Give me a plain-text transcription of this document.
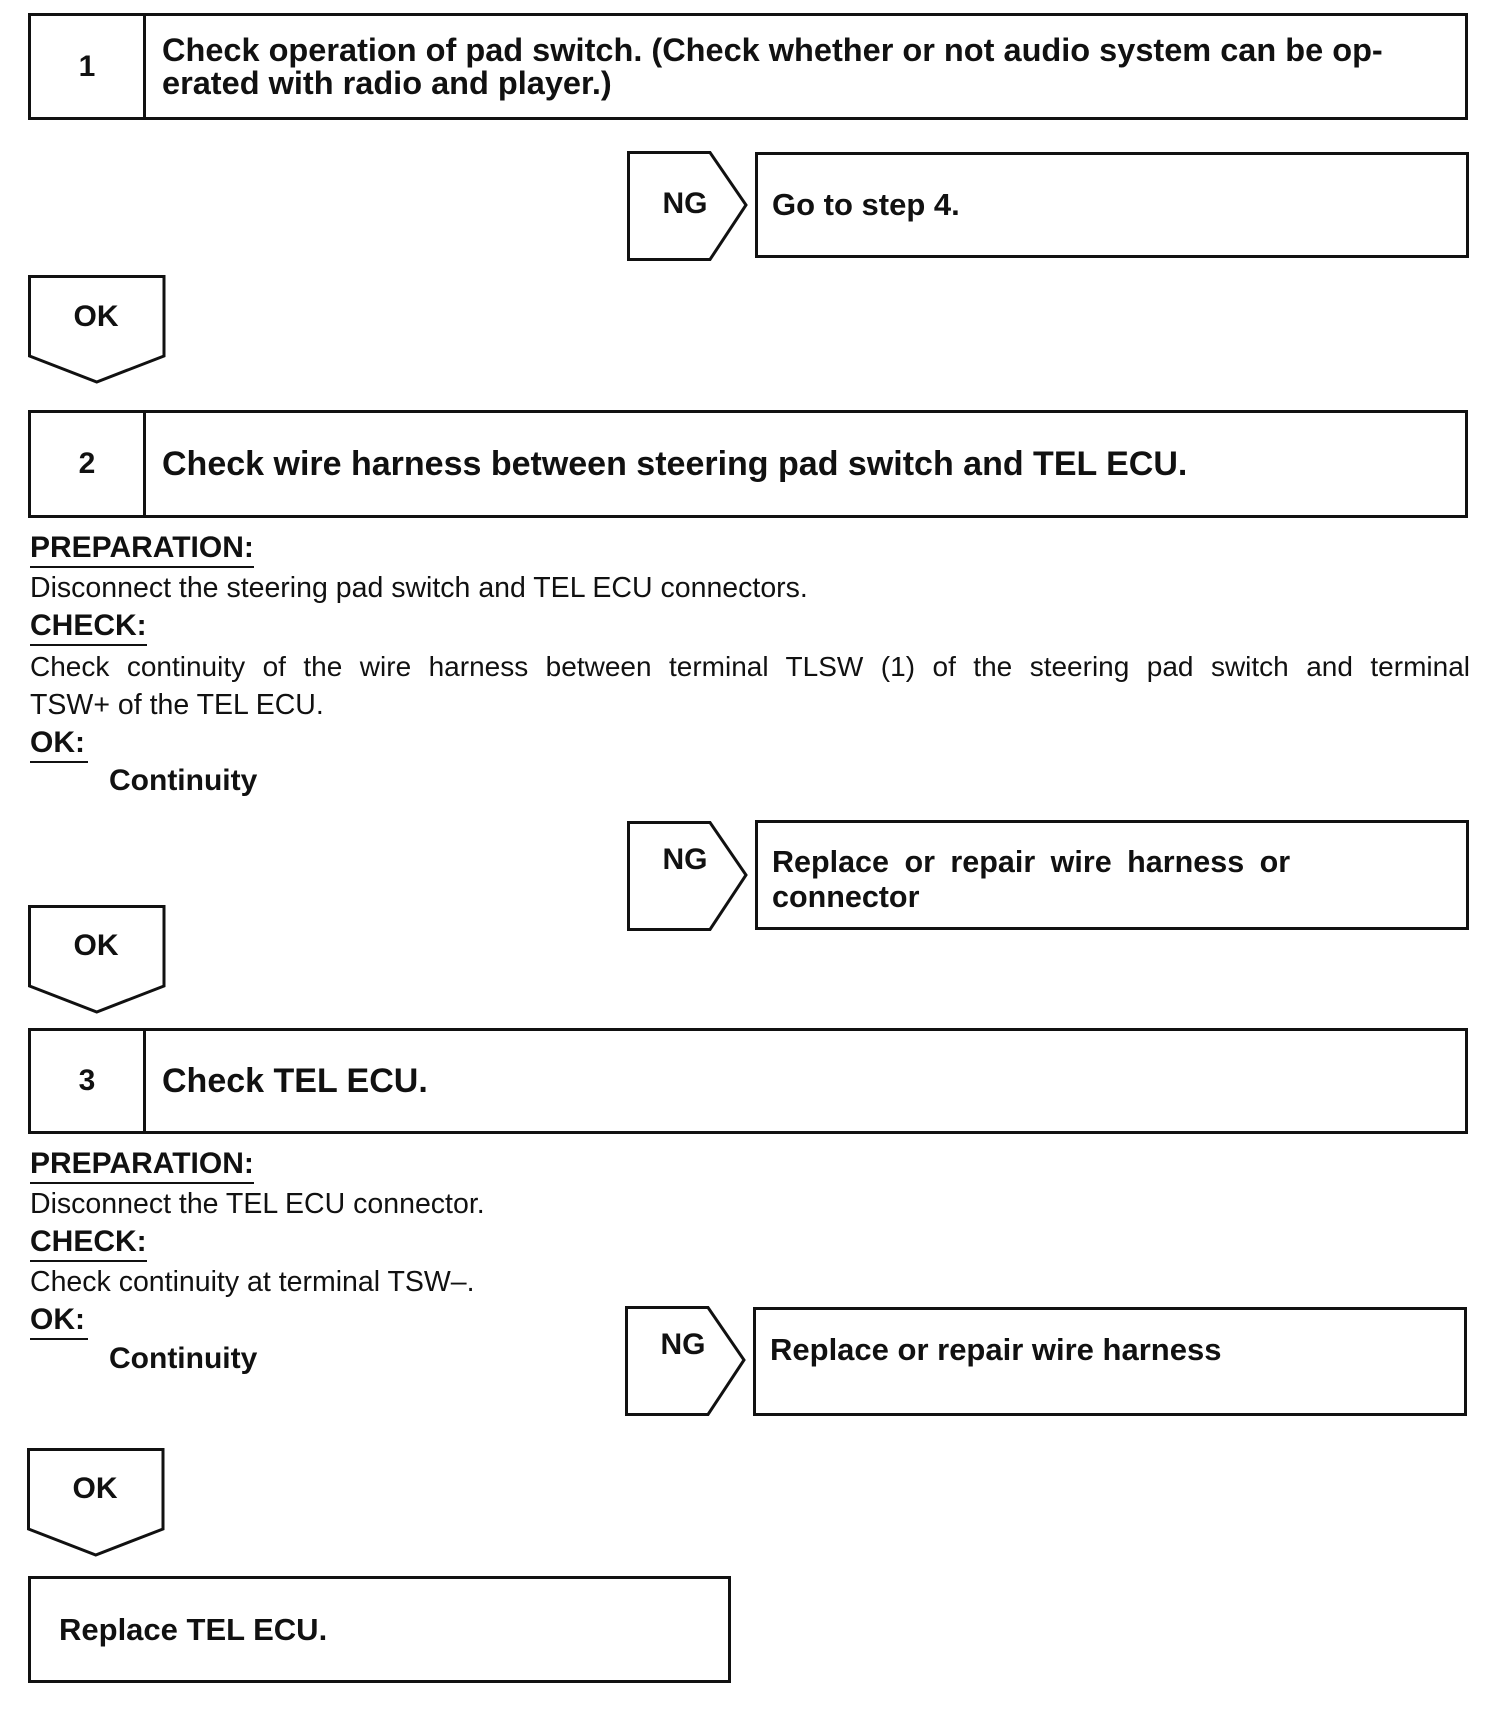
1	Check operation of pad switch. (Check whether or not audio system can be op-
erated with radio and player.)
NG	Go to step 4.
OK
2	Check wire harness between steering pad switch and TEL ECU.
PREPARATION:
Disconnect the steering pad switch and TEL ECU connectors.
CHECK:
Check continuity of the wire harness between terminal TLSW (1) of the steering pad switch and terminal
TSW+ of the TEL ECU.
OK:
Continuity
NG	Replace or repair wire harness or connector
OK
3	Check TEL ECU.
PREPARATION:
Disconnect the TEL ECU connector.
CHECK:
Check continuity at terminal TSW–.
OK:
Continuity	NG	Replace or repair wire harness
OK
Replace TEL ECU.
